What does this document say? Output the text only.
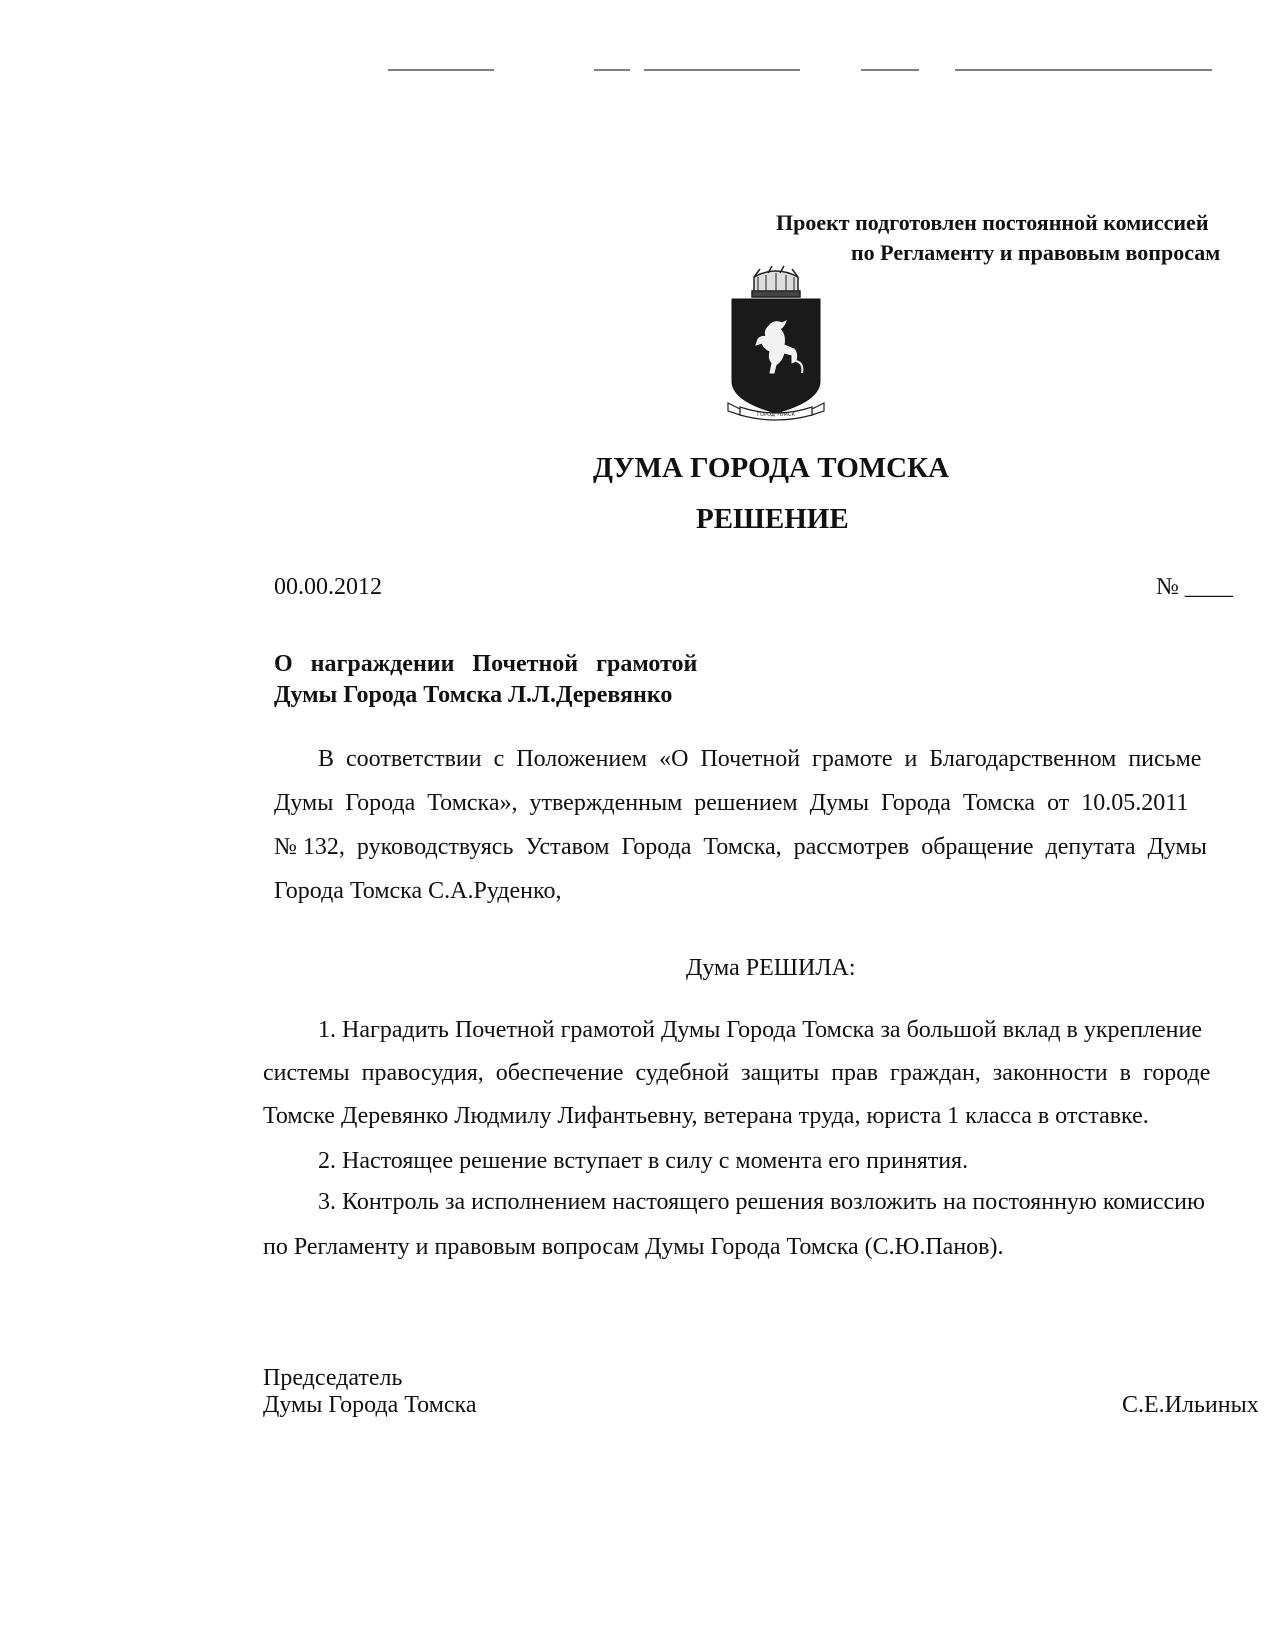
Проект подготовлен постоянной комиссией
по Регламенту и правовым вопросам
ГОРОД ТОМСК
ДУМА ГОРОДА ТОМСКА
РЕШЕНИЕ
00.00.2012	№ ____
О   награждении   Почетной   грамотой
Думы Города Томска Л.Л.Деревянко
В  соответствии  с  Положением  «О  Почетной  грамоте  и  Благодарственном  письме
Думы  Города  Томска»,  утвержденным  решением  Думы  Города  Томска  от  10.05.2011
№ 132,  руководствуясь  Уставом  Города  Томска,  рассмотрев  обращение  депутата  Думы
Города Томска С.А.Руденко,
Дума РЕШИЛА:
1. Наградить Почетной грамотой Думы Города Томска за большой вклад в укрепление
системы  правосудия,  обеспечение  судебной  защиты  прав  граждан,  законности  в  городе
Томске Деревянко Людмилу Лифантьевну, ветерана труда, юриста 1 класса в отставке.
2. Настоящее решение вступает в силу с момента его принятия.
3. Контроль за исполнением настоящего решения возложить на постоянную комиссию
по Регламенту и правовым вопросам Думы Города Томска (С.Ю.Панов).
Председатель
Думы Города Томска	С.Е.Ильиных
